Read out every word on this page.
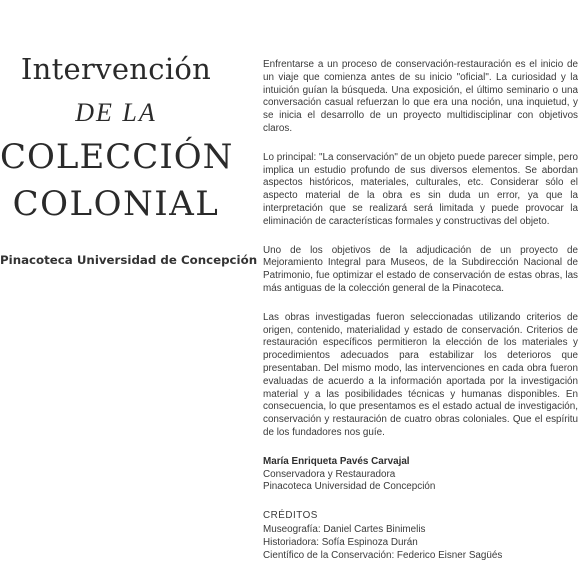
Intervención
DE LA
COLECCIÓN
COLONIAL
Pinacoteca Universidad de Concepción

Enfrentarse a un proceso de conservación-restauración es el inicio de un viaje que comienza antes de su inicio "oficial". La curiosidad y la intuición guían la búsqueda. Una exposición, el último seminario o una conversación casual refuerzan lo que era una noción, una inquietud, y se inicia el desarrollo de un proyecto multidisciplinar con objetivos claros.

Lo principal: "La conservación" de un objeto puede parecer simple, pero implica un estudio profundo de sus diversos elementos. Se abordan aspectos históricos, materiales, culturales, etc. Considerar sólo el aspecto material de la obra es sin duda un error, ya que la interpretación que se realizará será limitada y puede provocar la eliminación de características formales y constructivas del objeto.

Uno de los objetivos de la adjudicación de un proyecto de Mejoramiento Integral para Museos, de la Subdirección Nacional de Patrimonio, fue optimizar el estado de conservación de estas obras, las más antiguas de la colección general de la Pinacoteca.

Las obras investigadas fueron seleccionadas utilizando criterios de origen, contenido, materialidad y estado de conservación. Criterios de restauración específicos permitieron la elección de los materiales y procedimientos adecuados para estabilizar los deterioros que presentaban. Del mismo modo, las intervenciones en cada obra fueron evaluadas de acuerdo a la información aportada por la investigación material y a las posibilidades técnicas y humanas disponibles. En consecuencia, lo que presentamos es el estado actual de investigación, conservación y restauración de cuatro obras coloniales. Que el espíritu de los fundadores nos guíe.

María Enriqueta Pavés Carvajal
Conservadora y Restauradora
Pinacoteca Universidad de Concepción
CRÉDITOS
Museografía: Daniel Cartes Binimelis
Historiadora: Sofía Espinoza Durán
Científico de la Conservación: Federico Eisner Sagüés
